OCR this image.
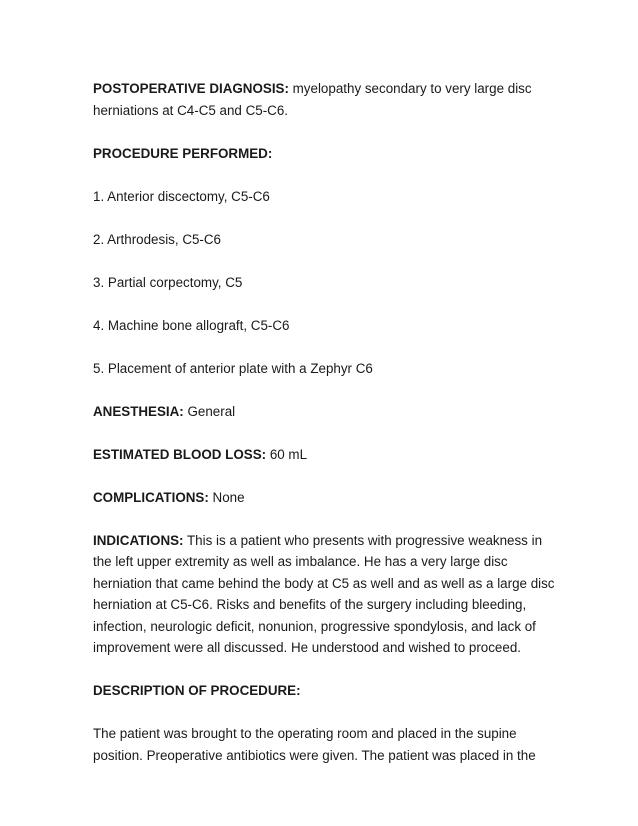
POSTOPERATIVE DIAGNOSIS: myelopathy secondary to very large disc
herniations at C4-C5 and C5-C6.

PROCEDURE PERFORMED:

1. Anterior discectomy, C5-C6

2. Arthrodesis, C5-C6

3. Partial corpectomy, C5

4. Machine bone allograft, C5-C6

5. Placement of anterior plate with a Zephyr C6

ANESTHESIA: General

ESTIMATED BLOOD LOSS: 60 mL

COMPLICATIONS: None

INDICATIONS: This is a patient who presents with progressive weakness in
the left upper extremity as well as imbalance. He has a very large disc
herniation that came behind the body at C5 as well and as well as a large disc
herniation at C5-C6. Risks and benefits of the surgery including bleeding,
infection, neurologic deficit, nonunion, progressive spondylosis, and lack of
improvement were all discussed. He understood and wished to proceed.

DESCRIPTION OF PROCEDURE:

The patient was brought to the operating room and placed in the supine
position. Preoperative antibiotics were given. The patient was placed in the
